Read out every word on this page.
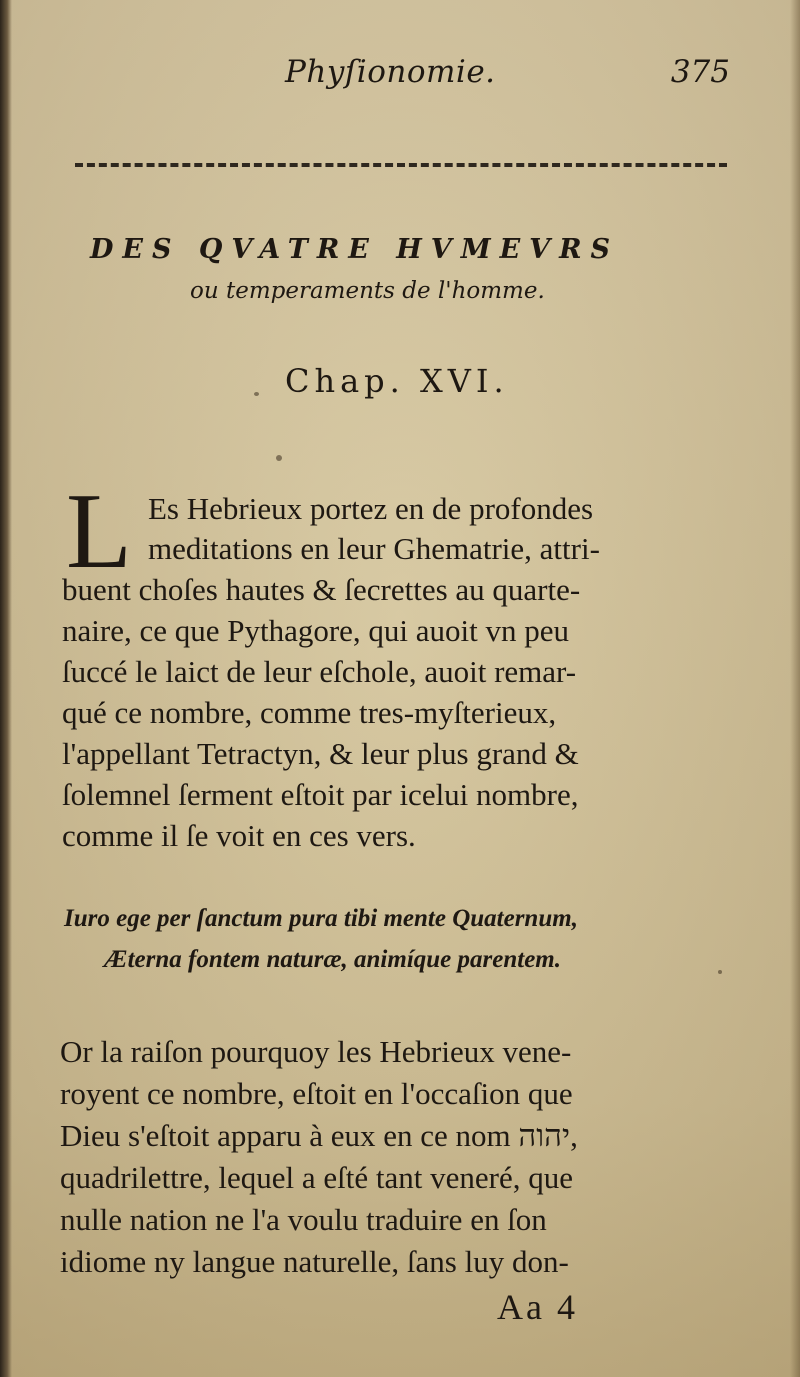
Phyſionomie.	375
DES QVATRE HVMEVRS
ou temperaments de l'homme.
Chap. XVI.
L Es Hebrieux portez en de profondes
meditations en leur Ghematrie, attri-
buent choſes hautes & ſecrettes au quarte-
naire, ce que Pythagore, qui auoit vn peu
ſuccé le laict de leur eſchole, auoit remar-
qué ce nombre, comme tres-myſterieux,
l'appellant Tetractyn, & leur plus grand &
ſolemnel ſerment eſtoit par icelui nombre,
comme il ſe voit en ces vers.
Iuro ege per ſanctum pura tibi mente Quaternum,
Æterna fontem naturæ, animíque parentem.
Or la raiſon pourquoy les Hebrieux vene-
royent ce nombre, eſtoit en l'occaſion que
Dieu s'eſtoit apparu à eux en ce nom יהוה,
quadrilettre, lequel a eſté tant veneré, que
nulle nation ne l'a voulu traduire en ſon
idiome ny langue naturelle, ſans luy don-
Aa 4
